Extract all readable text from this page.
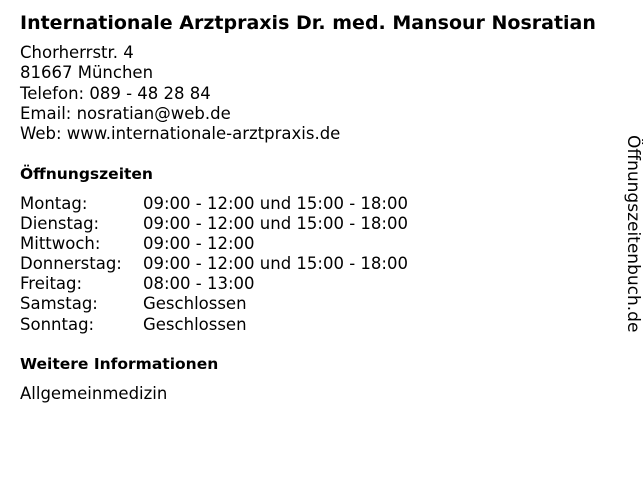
Internationale Arztpraxis Dr. med. Mansour Nosratian
Chorherrstr. 4
81667 München
Telefon: 089 - 48 28 84
Email: nosratian@web.de
Web: www.internationale-arztpraxis.de
Öffnungszeiten
Montag:	09:00 - 12:00 und 15:00 - 18:00
Dienstag:	09:00 - 12:00 und 15:00 - 18:00
Mittwoch:	09:00 - 12:00
Donnerstag:	09:00 - 12:00 und 15:00 - 18:00
Freitag:	08:00 - 13:00
Samstag:	Geschlossen
Sonntag:	Geschlossen
Weitere Informationen
Allgemeinmedizin
Öffnungszeitenbuch.de
